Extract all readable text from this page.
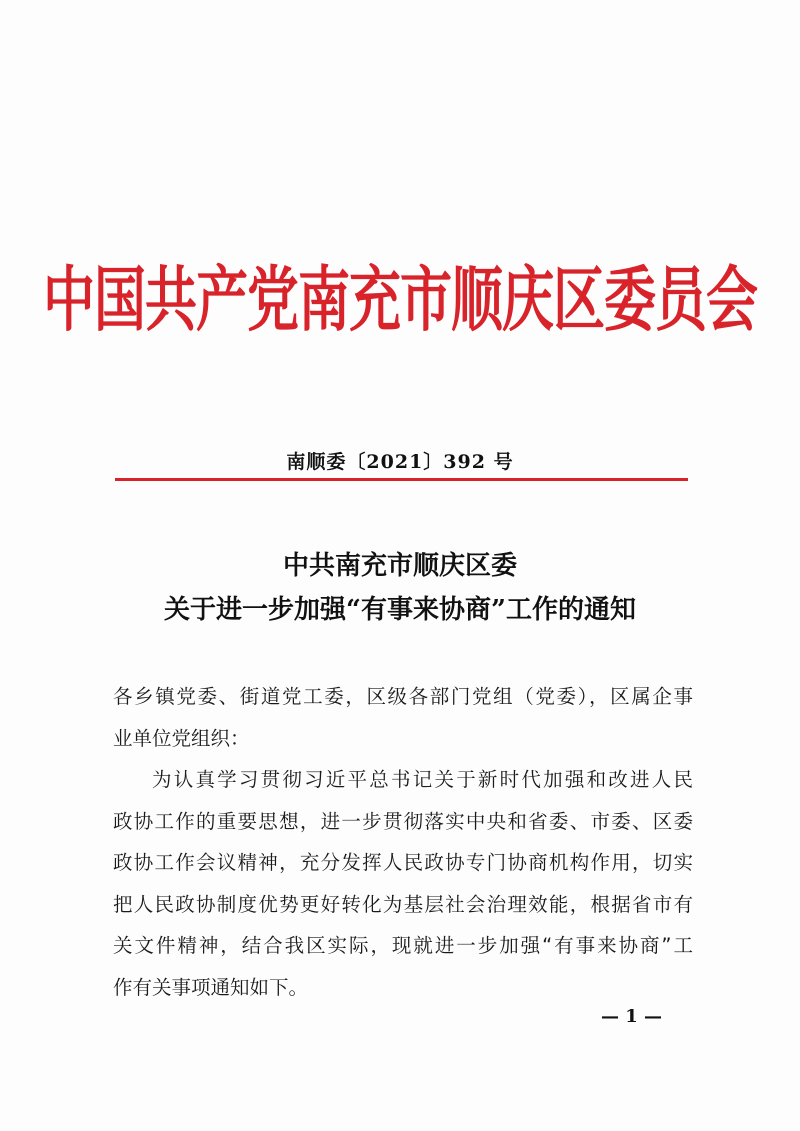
中国共产党南充市顺庆区委员会
南顺委〔2021〕392 号
中共南充市顺庆区委
关于进一步加强“有事来协商”工作的通知
各乡镇党委、街道党工委，区级各部门党组（党委），区属企事
业单位党组织：
为认真学习贯彻习近平总书记关于新时代加强和改进人民
政协工作的重要思想，进一步贯彻落实中央和省委、市委、区委
政协工作会议精神，充分发挥人民政协专门协商机构作用，切实
把人民政协制度优势更好转化为基层社会治理效能，根据省市有
关文件精神，结合我区实际，现就进一步加强“有事来协商”工
作有关事项通知如下。
— 1 —
